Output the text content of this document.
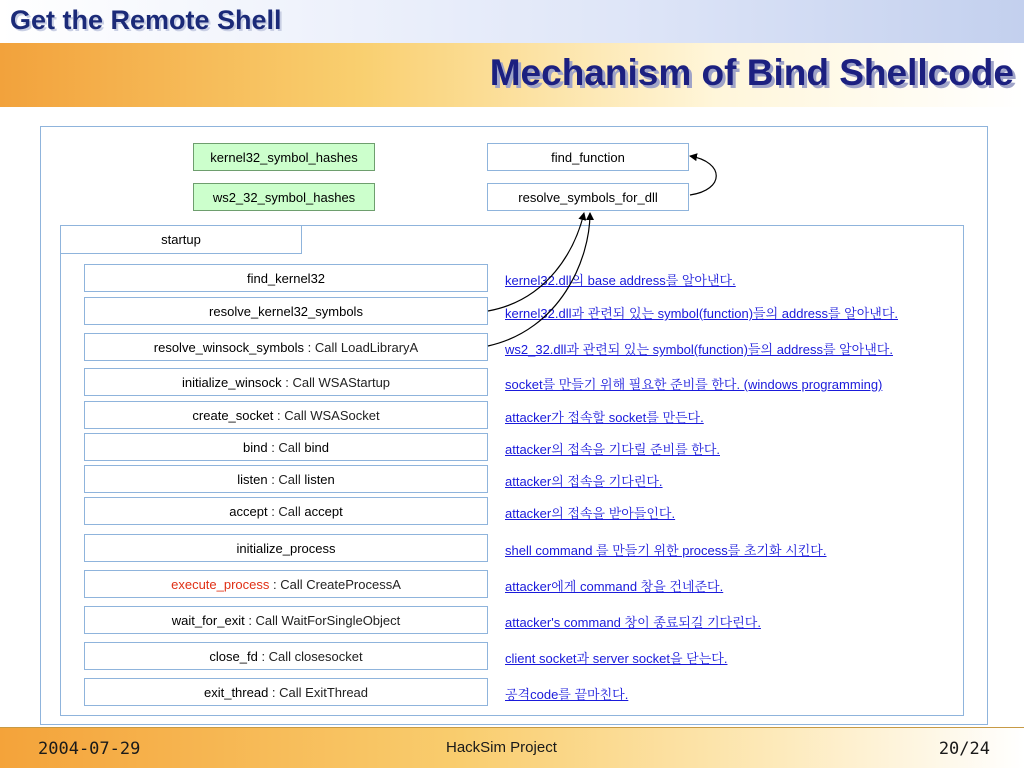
Get the Remote Shell
Mechanism of Bind Shellcode
kernel32_symbol_hashes
ws2_32_symbol_hashes
find_function
resolve_symbols_for_dll
startup
find_kernel32	kernel32.dll의 base address를 알아낸다.
resolve_kernel32_symbols	kernel32.dll과 관련되 있는 symbol(function)들의 address를 알아낸다.
resolve_winsock_symbols : Call LoadLibraryA	ws2_32.dll과 관련되 있는 symbol(function)들의 address를 알아낸다.
initialize_winsock : Call WSAStartup	socket를 만들기 위해 필요한 준비를 한다. (windows programming)
create_socket : Call WSASocket	attacker가 접속할 socket를 만든다.
bind : Call bind	attacker의 접속을 기다릴 준비를 한다.
listen : Call listen	attacker의 접속을 기다린다.
accept : Call accept	attacker의 접속을 받아들인다.
initialize_process	shell command 를 만들기 위한 process를 초기화 시킨다.
execute_process : Call CreateProcessA	attacker에게 command 창을 건네준다.
wait_for_exit : Call WaitForSingleObject	attacker's command 창이 종료되길 기다린다.
close_fd : Call closesocket	client socket과 server socket을 닫는다.
exit_thread : Call ExitThread	공격code를 끝마친다.
2004-07-29	HackSim Project	20/24
